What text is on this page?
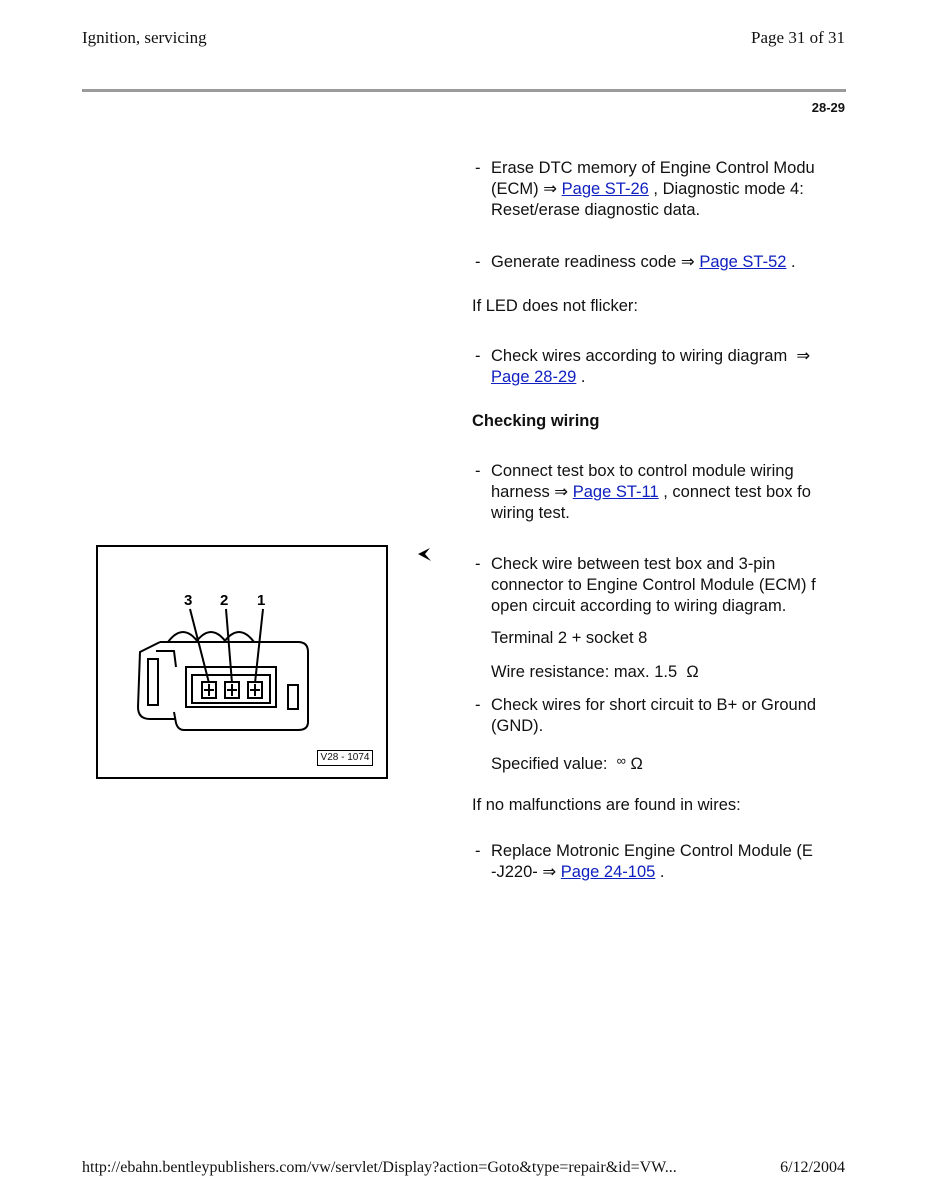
Ignition, servicing	Page 31 of 31
28-29
- Erase DTC memory of Engine Control Modu
(ECM) ⇒ Page ST-26 , Diagnostic mode 4:
Reset/erase diagnostic data.
- Generate readiness code ⇒ Page ST-52 .
If LED does not flicker:
- Check wires according to wiring diagram ⇒
Page 28-29 .
Checking wiring
- Connect test box to control module wiring
harness ⇒ Page ST-11 , connect test box fo
wiring test.
- Check wire between test box and 3-pin
connector to Engine Control Module (ECM) f
open circuit according to wiring diagram.
Terminal 2 + socket 8
Wire resistance: max. 1.5 Ω
- Check wires for short circuit to B+ or Ground
(GND).
Specified value: ∞ Ω
If no malfunctions are found in wires:
- Replace Motronic Engine Control Module (E
-J220- ⇒ Page 24-105 .
3 2 1
V28 - 1074
http://ebahn.bentleypublishers.com/vw/servlet/Display?action=Goto&type=repair&id=VW...	6/12/2004
